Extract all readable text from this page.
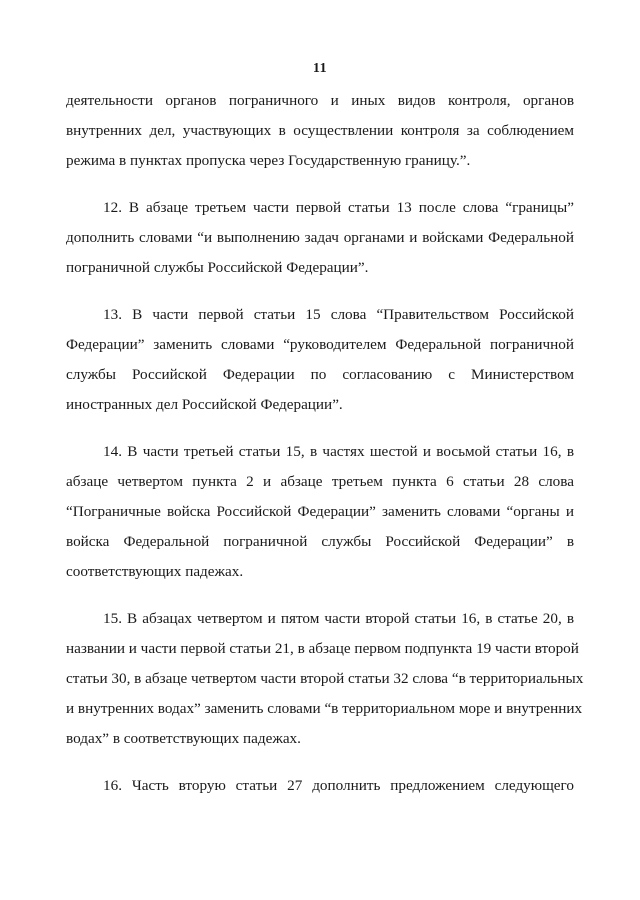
11
деятельности органов пограничного и иных видов контроля, органов
внутренних дел, участвующих в осуществлении контроля за соблюдением
режима в пунктах пропуска через Государственную границу.”.
12. В абзаце третьем части первой статьи 13 после слова “границы”
дополнить словами “и выполнению задач органами и войсками Федеральной
пограничной службы Российской Федерации”.
13. В части первой статьи 15 слова “Правительством Российской
Федерации” заменить словами “руководителем Федеральной пограничной
службы Российской Федерации по согласованию с Министерством
иностранных дел Российской Федерации”.
14. В части третьей статьи 15, в частях шестой и восьмой статьи 16, в
абзаце четвертом пункта 2 и абзаце третьем пункта 6 статьи 28 слова
“Пограничные войска Российской Федерации” заменить словами “органы и
войска Федеральной пограничной службы Российской Федерации” в
соответствующих падежах.
15. В абзацах четвертом и пятом части второй статьи 16, в статье 20, в
названии и части первой статьи 21, в абзаце первом подпункта 19 части второй
статьи 30, в абзаце четвертом части второй статьи 32 слова “в территориальных
и внутренних водах” заменить словами “в территориальном море и внутренних
водах” в соответствующих падежах.
16. Часть вторую статьи 27 дополнить предложением следующего
